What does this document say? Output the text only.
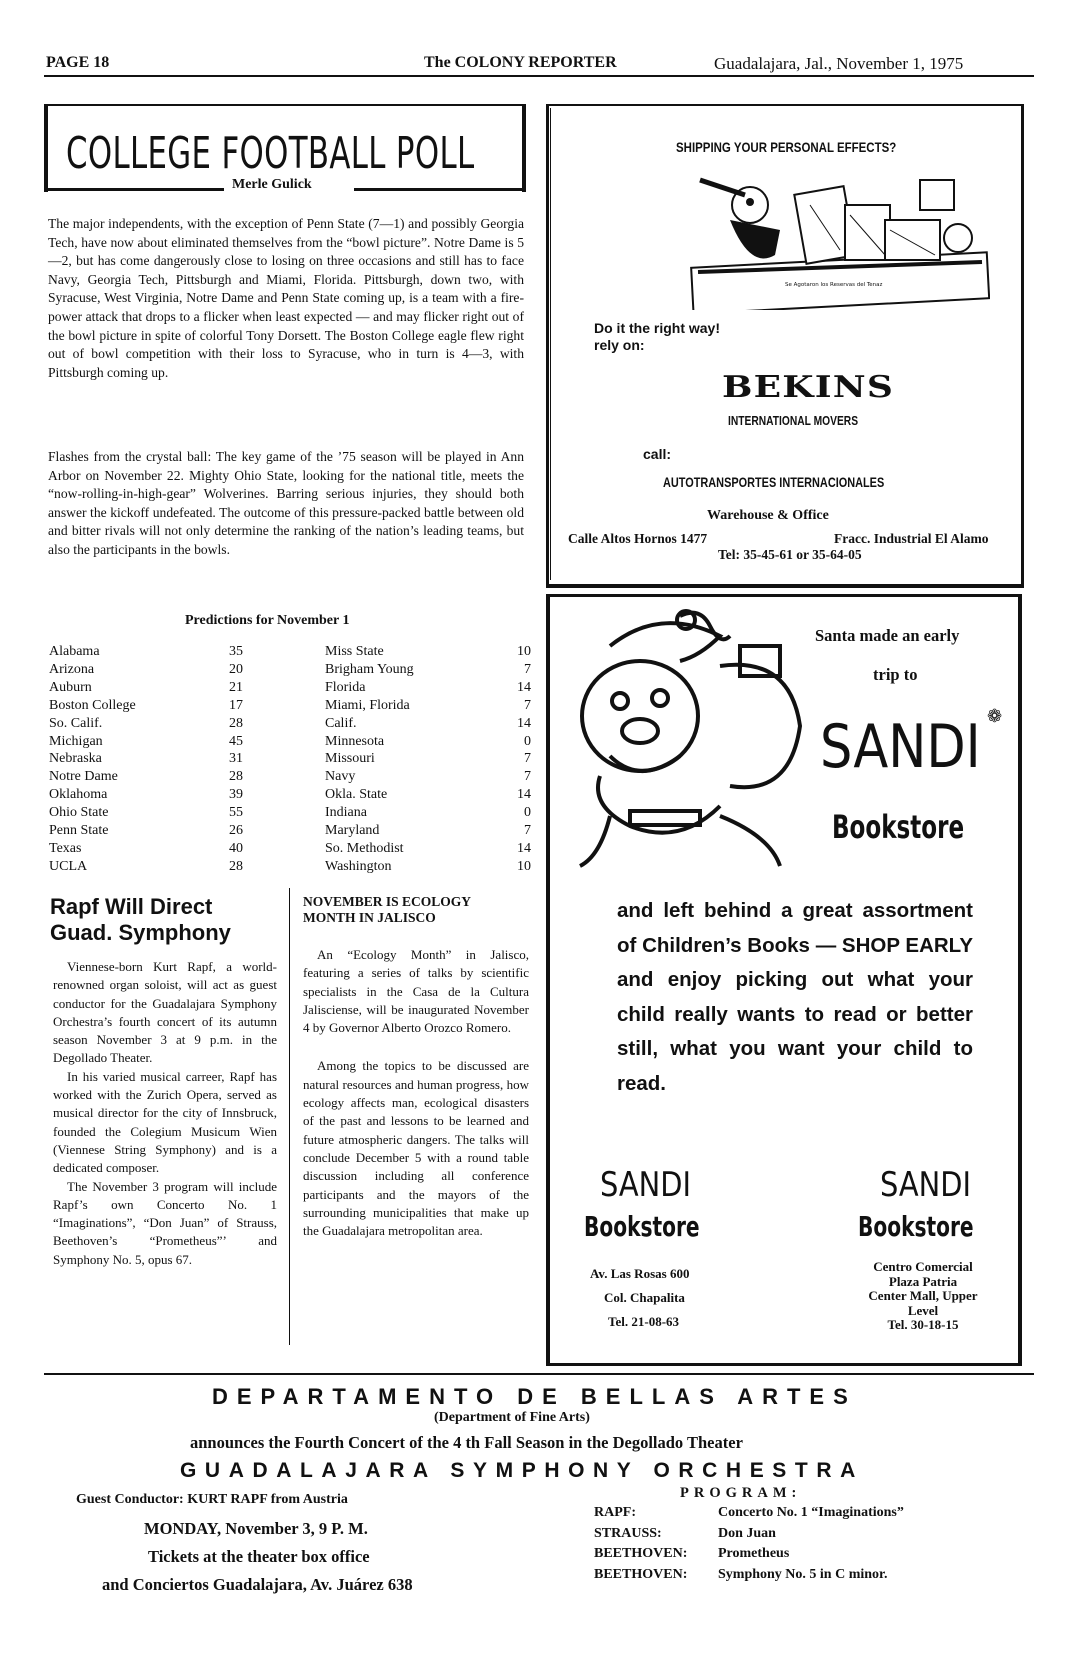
PAGE 18	The COLONY REPORTER	Guadalajara, Jal., November 1, 1975
COLLEGE FOOTBALL POLL
Merle Gulick

The major independents, with the exception of Penn State (7—1) and possibly Georgia Tech, have now about eliminated themselves from the “bowl picture”. Notre Dame is 5—2, but has come dangerously close to losing on three occasions and still has to face Navy, Georgia Tech, Pittsburgh and Miami, Florida. Pittsburgh, down two, with Syracuse, West Virginia, Notre Dame and Penn State coming up, is a team with a fire-power attack that drops to a flicker when least expected — and may flicker right out of the bowl picture in spite of colorful Tony Dorsett. The Boston College eagle flew right out of bowl competition with their loss to Syracuse, who in turn is 4—3, with Pittsburgh coming up.

Flashes from the crystal ball: The key game of the ’75 season will be played in Ann Arbor on November 22. Mighty Ohio State, looking for the national title, meets the “now-rolling-in-high-gear” Wolverines. Barring serious injuries, they should both answer the kickoff undefeated. The outcome of this pressure-packed battle between old and bitter rivals will not only determine the ranking of the nation’s leading teams, but also the participants in the bowls.

Predictions for November 1
Alabama	35	Miss State	10
Arizona	20	Brigham Young	7
Auburn	21	Florida	14
Boston College	17	Miami, Florida	7
So. Calif.	28	Calif.	14
Michigan	45	Minnesota	0
Nebraska	31	Missouri	7
Notre Dame	28	Navy	7
Oklahoma	39	Okla. State	14
Ohio State	55	Indiana	0
Penn State	26	Maryland	7
Texas	40	So. Methodist	14
UCLA	28	Washington	10
Rapf Will Direct
Guad. Symphony

Viennese-born Kurt Rapf, a world-renowned organ soloist, will act as guest conductor for the Guadalajara Symphony Orchestra’s fourth concert of its autumn season November 3 at 9 p.m. in the Degollado Theater.

In his varied musical carreer, Rapf has worked with the Zurich Opera, served as musical director for the city of Innsbruck, founded the Colegium Musicum Wien (Viennese String Symphony) and is a dedicated composer.

The November 3 program will include Rapf’s own Concerto No. 1 “Imaginations”, “Don Juan” of Strauss, Beethoven’s “Prometheus”’ and Symphony No. 5, opus 67.

NOVEMBER IS ECOLOGY
MONTH IN JALISCO

An “Ecology Month” in Jalisco, featuring a series of talks by scientific specialists in the Casa de la Cultura Jalisciense, will be inaugurated November 4 by Governor Alberto Orozco Romero.

Among the topics to be discussed are natural resources and human progress, how ecology affects man, ecological disasters of the past and lessons to be learned and future atmospheric dangers. The talks will conclude December 5 with a round table discussion including all conference participants and the mayors of the surrounding municipalities that make up the Guadalajara metropolitan area.

SHIPPING YOUR PERSONAL EFFECTS?
Se Agotaron los Reservas del Tenaz
Do it the right way!
rely on:
BEKINS
INTERNATIONAL MOVERS
call:
AUTOTRANSPORTES INTERNACIONALES
Warehouse & Office
Calle Altos Hornos 1477	Fracc. Industrial El Alamo
Tel: 35-45-61 or 35-64-05
Santa made an early
trip to
SANDI ❁
Bookstore

and left behind a great assortment of Children’s Books — SHOP EARLY and enjoy picking out what your child really wants to read or better still, what you want your child to read.

SANDI
Bookstore
Av. Las Rosas 600
Col. Chapalita
Tel. 21-08-63
SANDI
Bookstore
Centro Comercial
Plaza Patria
Center Mall, Upper
Level
Tel. 30-18-15
DEPARTAMENTO DE BELLAS ARTES
(Department of Fine Arts)
announces the Fourth Concert of the 4 th Fall Season in the Degollado Theater
GUADALAJARA SYMPHONY ORCHESTRA
Guest Conductor: KURT RAPF from Austria
MONDAY, November 3, 9 P. M.
Tickets at the theater box office
and Conciertos Guadalajara, Av. Juárez 638
PROGRAM:
RAPF:	Concerto No. 1 “Imaginations”
STRAUSS:	Don Juan
BEETHOVEN:	Prometheus
BEETHOVEN:	Symphony No. 5 in C minor.
